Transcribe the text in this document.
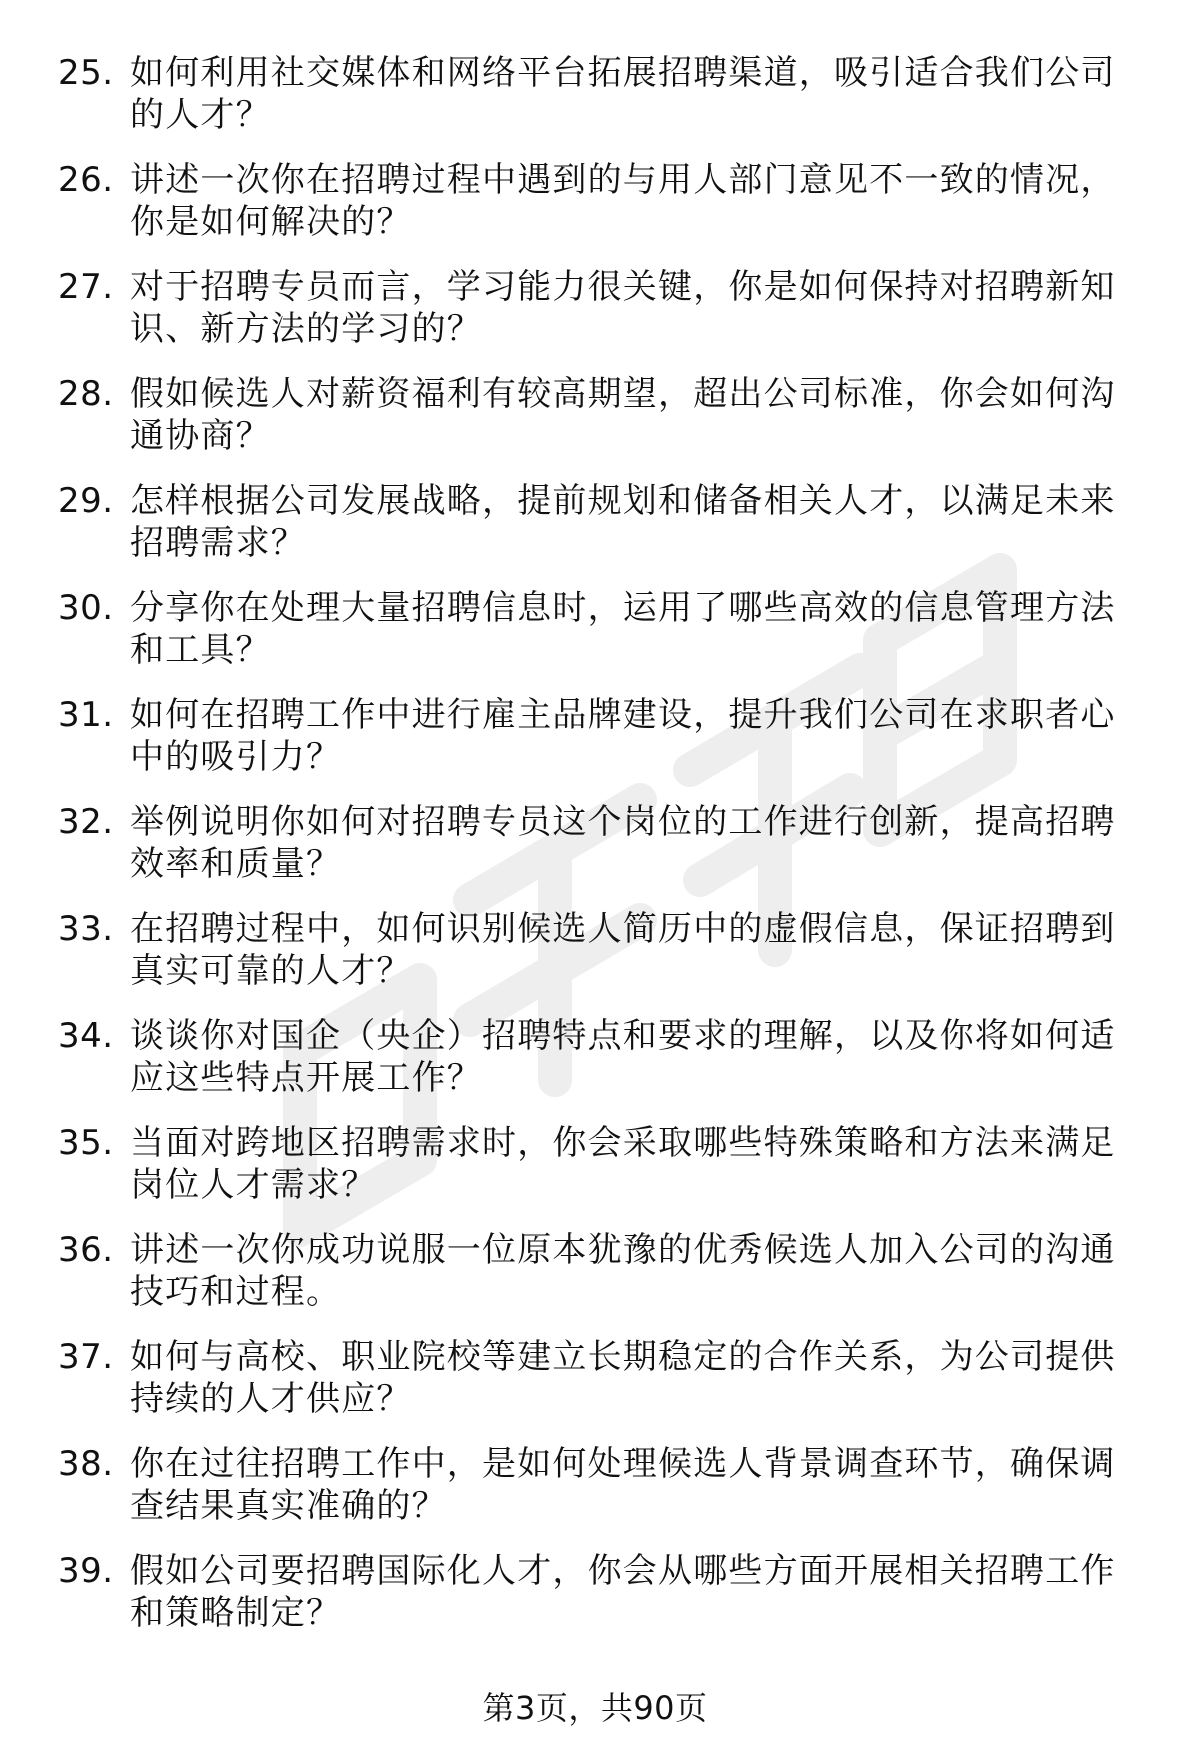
25. 如何利用社交媒体和网络平台拓展招聘渠道，吸引适合我们公司的人才？
26. 讲述一次你在招聘过程中遇到的与用人部门意见不一致的情况，你是如何解决的？
27. 对于招聘专员而言，学习能力很关键，你是如何保持对招聘新知识、新方法的学习的？
28. 假如候选人对薪资福利有较高期望，超出公司标准，你会如何沟通协商？
29. 怎样根据公司发展战略，提前规划和储备相关人才，以满足未来招聘需求？
30. 分享你在处理大量招聘信息时，运用了哪些高效的信息管理方法和工具？
31. 如何在招聘工作中进行雇主品牌建设，提升我们公司在求职者心中的吸引力？
32. 举例说明你如何对招聘专员这个岗位的工作进行创新，提高招聘效率和质量？
33. 在招聘过程中，如何识别候选人简历中的虚假信息，保证招聘到真实可靠的人才？
34. 谈谈你对国企（央企）招聘特点和要求的理解，以及你将如何适应这些特点开展工作？
35. 当面对跨地区招聘需求时，你会采取哪些特殊策略和方法来满足岗位人才需求？
36. 讲述一次你成功说服一位原本犹豫的优秀候选人加入公司的沟通技巧和过程。
37. 如何与高校、职业院校等建立长期稳定的合作关系，为公司提供持续的人才供应？
38. 你在过往招聘工作中，是如何处理候选人背景调查环节，确保调查结果真实准确的？
39. 假如公司要招聘国际化人才，你会从哪些方面开展相关招聘工作和策略制定？
第3页，共90页
